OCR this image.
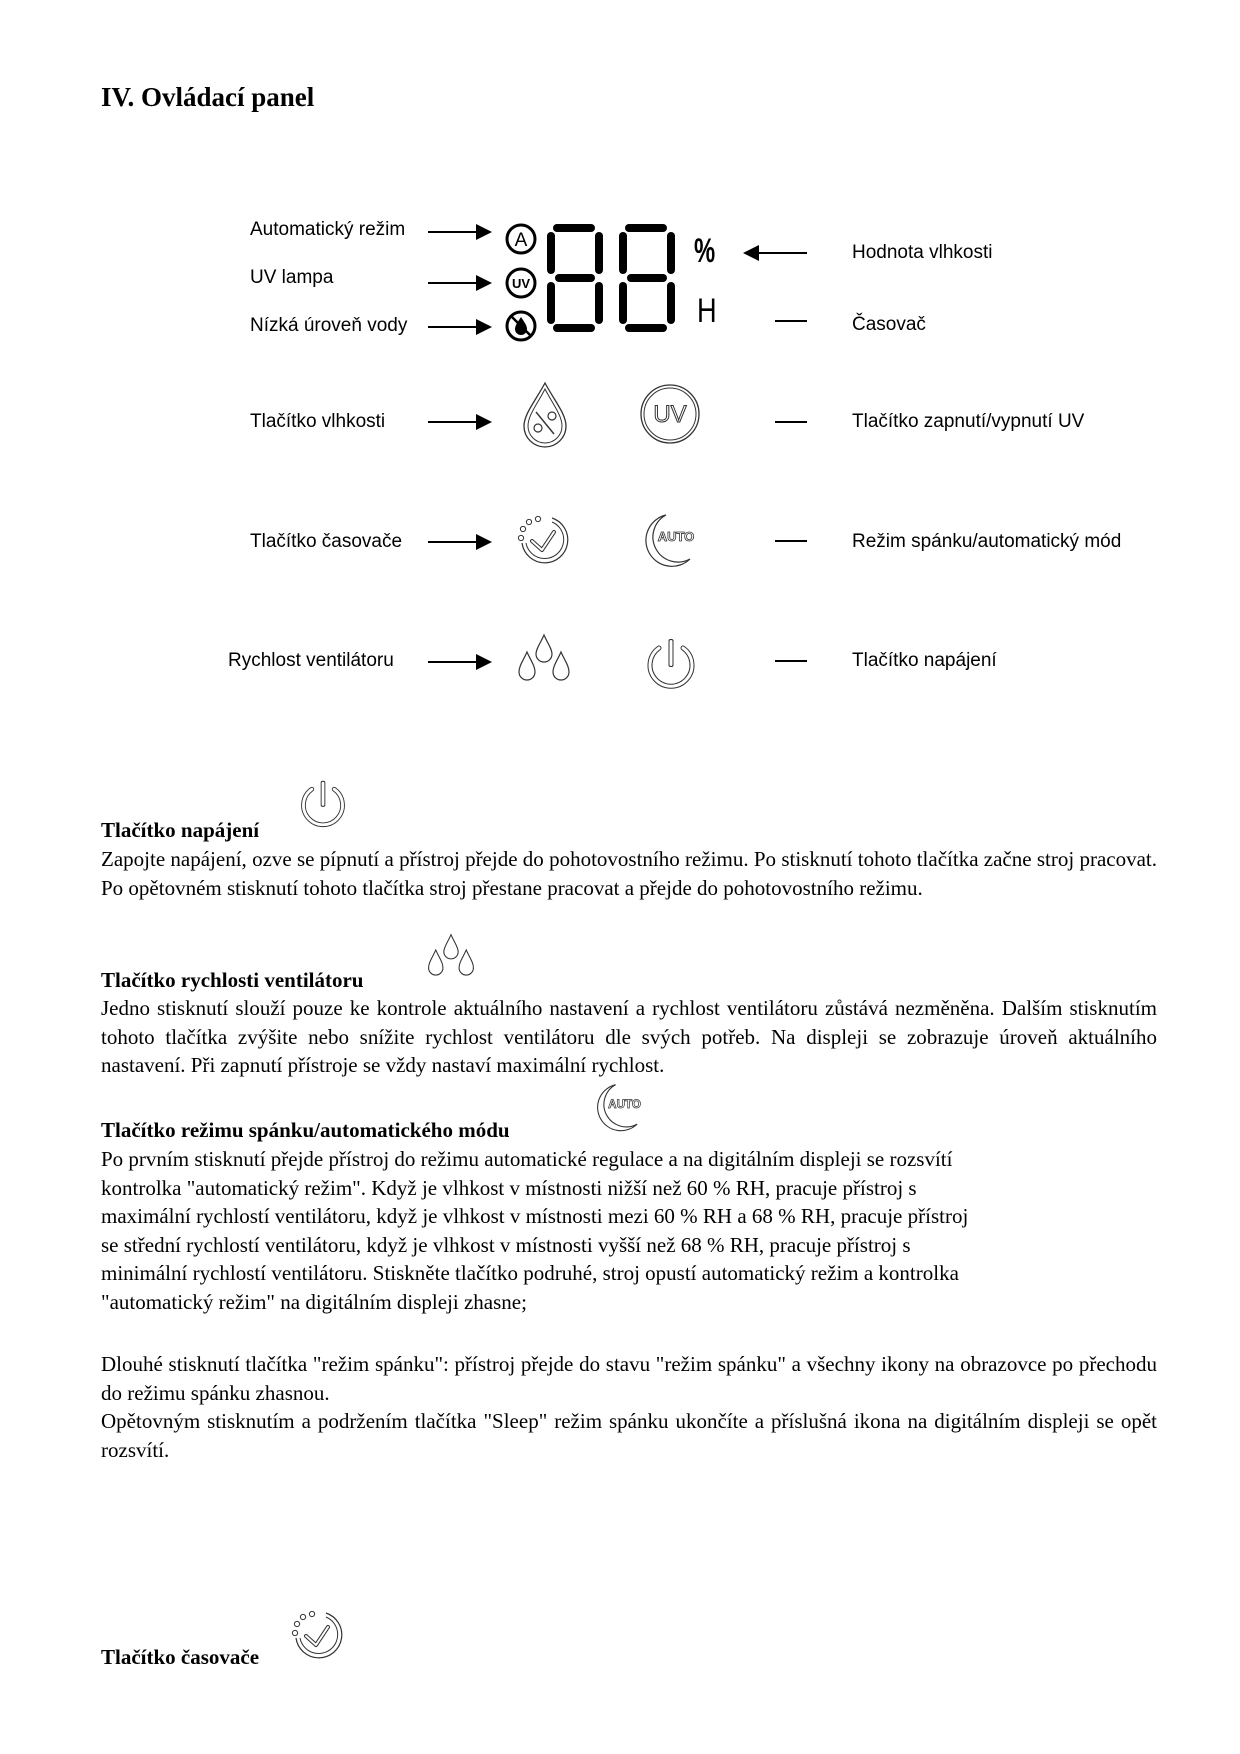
IV. Ovládací panel
Automatický režim
UV lampa
Nízká úroveň vody
Tlačítko vlhkosti
Tlačítko časovače
Rychlost ventilátoru
A
UV
%
H
Hodnota vlhkosti
Časovač
Tlačítko zapnutí/vypnutí UV
Režim spánku/automatický mód
Tlačítko napájení
UV
AUTO
Tlačítko napájení
Zapojte napájení, ozve se pípnutí a přístroj přejde do pohotovostního režimu. Po stisknutí tohoto tlačítka začne stroj pracovat. Po opětovném stisknutí tohoto tlačítka stroj přestane pracovat a přejde do pohotovostního režimu.
Tlačítko rychlosti ventilátoru
Jedno stisknutí slouží pouze ke kontrole aktuálního nastavení a rychlost ventilátoru zůstává nezměněna. Dalším stisknutím tohoto tlačítka zvýšite nebo snížite rychlost ventilátoru dle svých potřeb. Na displeji se zobrazuje úroveň aktuálního nastavení. Při zapnutí přístroje se vždy nastaví maximální rychlost.
Tlačítko režimu spánku/automatického módu
AUTO

Po prvním stisknutí přejde přístroj do režimu automatické regulace a na digitálním displeji se rozsvítí

kontrolka "automatický režim". Když je vlhkost v místnosti nižší než 60 % RH, pracuje přístroj s

maximální rychlostí ventilátoru, když je vlhkost v místnosti mezi 60 % RH a 68 % RH, pracuje přístroj

se střední rychlostí ventilátoru, když je vlhkost v místnosti vyšší než 68 % RH, pracuje přístroj s

minimální rychlostí ventilátoru. Stiskněte tlačítko podruhé, stroj opustí automatický režim a kontrolka

"automatický režim" na digitálním displeji zhasne;

Dlouhé stisknutí tlačítka "režim spánku": přístroj přejde do stavu "režim spánku" a všechny ikony na obrazovce po přechodu do režimu spánku zhasnou.
Opětovným stisknutím a podržením tlačítka "Sleep" režim spánku ukončíte a příslušná ikona na digitálním displeji se opět rozsvítí.
Tlačítko časovače
